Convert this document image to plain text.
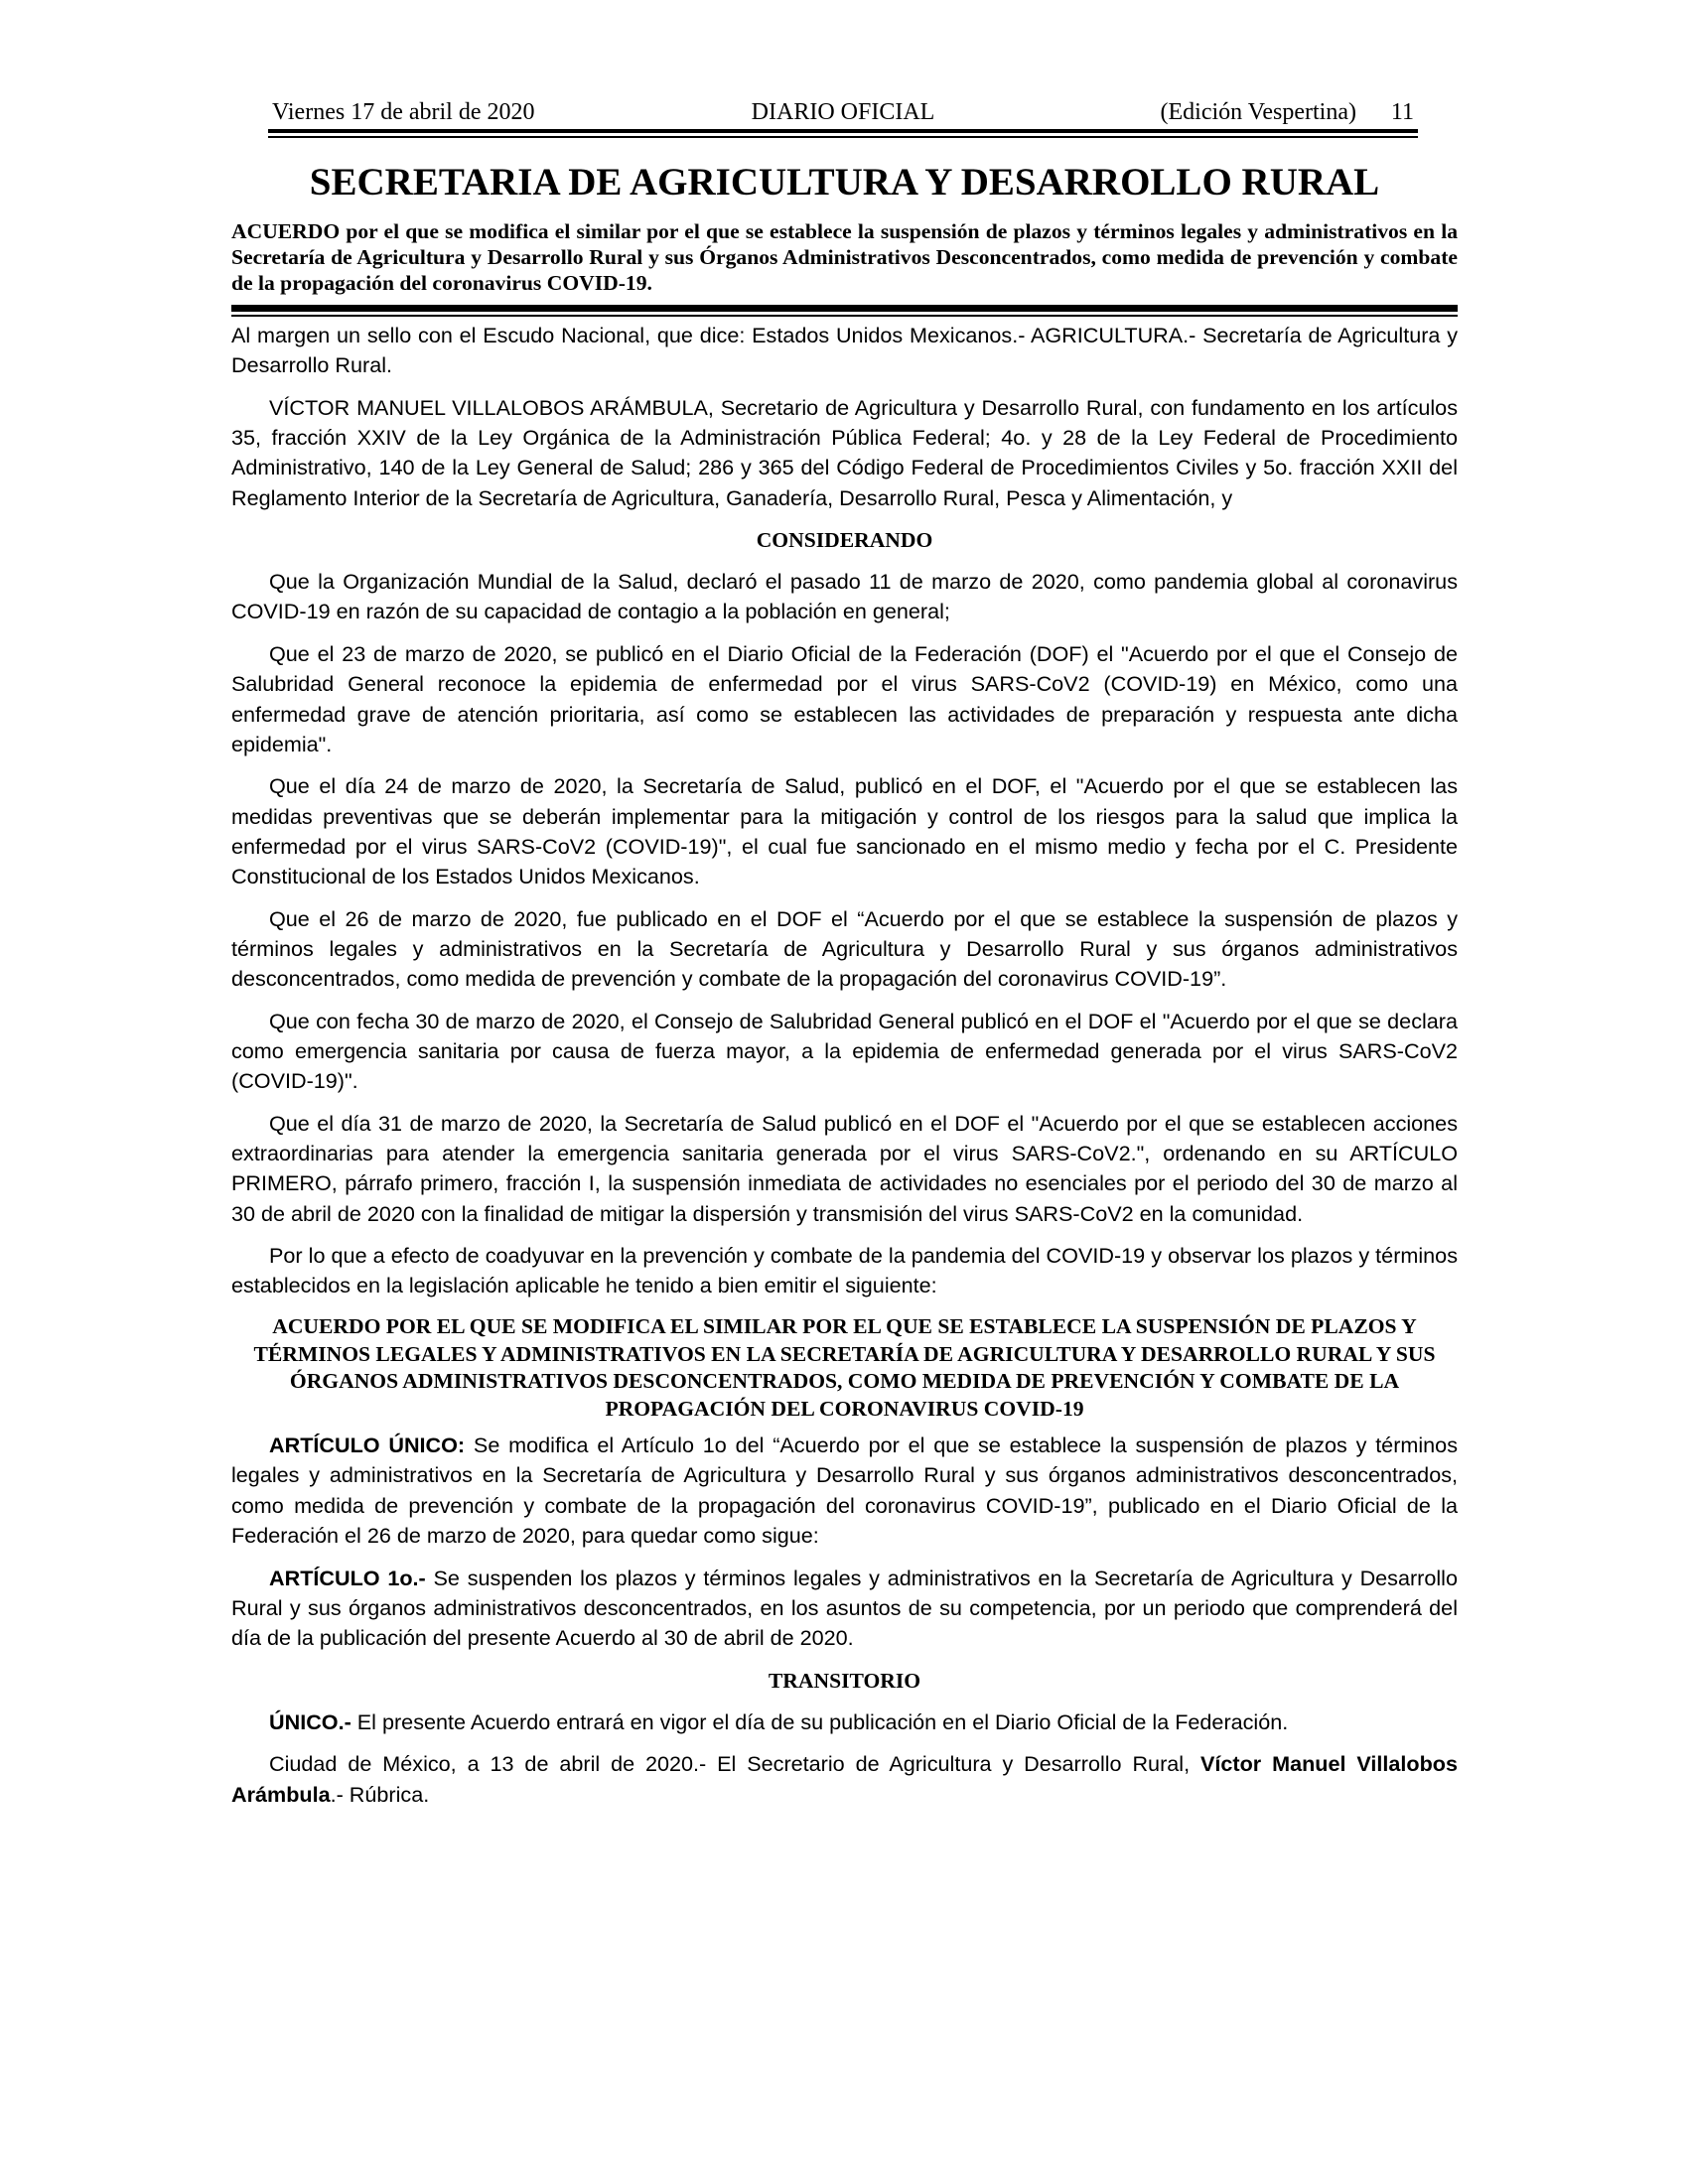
Viernes 17 de abril de 2020	DIARIO OFICIAL	(Edición Vespertina) 11
SECRETARIA DE AGRICULTURA Y DESARROLLO RURAL
ACUERDO por el que se modifica el similar por el que se establece la suspensión de plazos y términos legales y administrativos en la Secretaría de Agricultura y Desarrollo Rural y sus Órganos Administrativos Desconcentrados, como medida de prevención y combate de la propagación del coronavirus COVID-19.

Al margen un sello con el Escudo Nacional, que dice: Estados Unidos Mexicanos.- AGRICULTURA.- Secretaría de Agricultura y Desarrollo Rural.

VÍCTOR MANUEL VILLALOBOS ARÁMBULA, Secretario de Agricultura y Desarrollo Rural, con fundamento en los artículos 35, fracción XXIV de la Ley Orgánica de la Administración Pública Federal; 4o. y 28 de la Ley Federal de Procedimiento Administrativo, 140 de la Ley General de Salud; 286 y 365 del Código Federal de Procedimientos Civiles y 5o. fracción XXII del Reglamento Interior de la Secretaría de Agricultura, Ganadería, Desarrollo Rural, Pesca y Alimentación, y

CONSIDERANDO

Que la Organización Mundial de la Salud, declaró el pasado 11 de marzo de 2020, como pandemia global al coronavirus COVID-19 en razón de su capacidad de contagio a la población en general;

Que el 23 de marzo de 2020, se publicó en el Diario Oficial de la Federación (DOF) el "Acuerdo por el que el Consejo de Salubridad General reconoce la epidemia de enfermedad por el virus SARS-CoV2 (COVID-19) en México, como una enfermedad grave de atención prioritaria, así como se establecen las actividades de preparación y respuesta ante dicha epidemia".

Que el día 24 de marzo de 2020, la Secretaría de Salud, publicó en el DOF, el "Acuerdo por el que se establecen las medidas preventivas que se deberán implementar para la mitigación y control de los riesgos para la salud que implica la enfermedad por el virus SARS-CoV2 (COVID-19)", el cual fue sancionado en el mismo medio y fecha por el C. Presidente Constitucional de los Estados Unidos Mexicanos.

Que el 26 de marzo de 2020, fue publicado en el DOF el “Acuerdo por el que se establece la suspensión de plazos y términos legales y administrativos en la Secretaría de Agricultura y Desarrollo Rural y sus órganos administrativos desconcentrados, como medida de prevención y combate de la propagación del coronavirus COVID-19”.

Que con fecha 30 de marzo de 2020, el Consejo de Salubridad General publicó en el DOF el "Acuerdo por el que se declara como emergencia sanitaria por causa de fuerza mayor, a la epidemia de enfermedad generada por el virus SARS-CoV2 (COVID-19)".

Que el día 31 de marzo de 2020, la Secretaría de Salud publicó en el DOF el "Acuerdo por el que se establecen acciones extraordinarias para atender la emergencia sanitaria generada por el virus SARS-CoV2.", ordenando en su ARTÍCULO PRIMERO, párrafo primero, fracción I, la suspensión inmediata de actividades no esenciales por el periodo del 30 de marzo al 30 de abril de 2020 con la finalidad de mitigar la dispersión y transmisión del virus SARS-CoV2 en la comunidad.

Por lo que a efecto de coadyuvar en la prevención y combate de la pandemia del COVID-19 y observar los plazos y términos establecidos en la legislación aplicable he tenido a bien emitir el siguiente:

ACUERDO POR EL QUE SE MODIFICA EL SIMILAR POR EL QUE SE ESTABLECE LA SUSPENSIÓN DE PLAZOS Y TÉRMINOS LEGALES Y ADMINISTRATIVOS EN LA SECRETARÍA DE AGRICULTURA Y DESARROLLO RURAL Y SUS ÓRGANOS ADMINISTRATIVOS DESCONCENTRADOS, COMO MEDIDA DE PREVENCIÓN Y COMBATE DE LA PROPAGACIÓN DEL CORONAVIRUS COVID-19

ARTÍCULO ÚNICO: Se modifica el Artículo 1o del “Acuerdo por el que se establece la suspensión de plazos y términos legales y administrativos en la Secretaría de Agricultura y Desarrollo Rural y sus órganos administrativos desconcentrados, como medida de prevención y combate de la propagación del coronavirus COVID-19”, publicado en el Diario Oficial de la Federación el 26 de marzo de 2020, para quedar como sigue:

ARTÍCULO 1o.- Se suspenden los plazos y términos legales y administrativos en la Secretaría de Agricultura y Desarrollo Rural y sus órganos administrativos desconcentrados, en los asuntos de su competencia, por un periodo que comprenderá del día de la publicación del presente Acuerdo al 30 de abril de 2020.

TRANSITORIO

ÚNICO.- El presente Acuerdo entrará en vigor el día de su publicación en el Diario Oficial de la Federación.

Ciudad de México, a 13 de abril de 2020.- El Secretario de Agricultura y Desarrollo Rural, Víctor Manuel Villalobos Arámbula.- Rúbrica.
